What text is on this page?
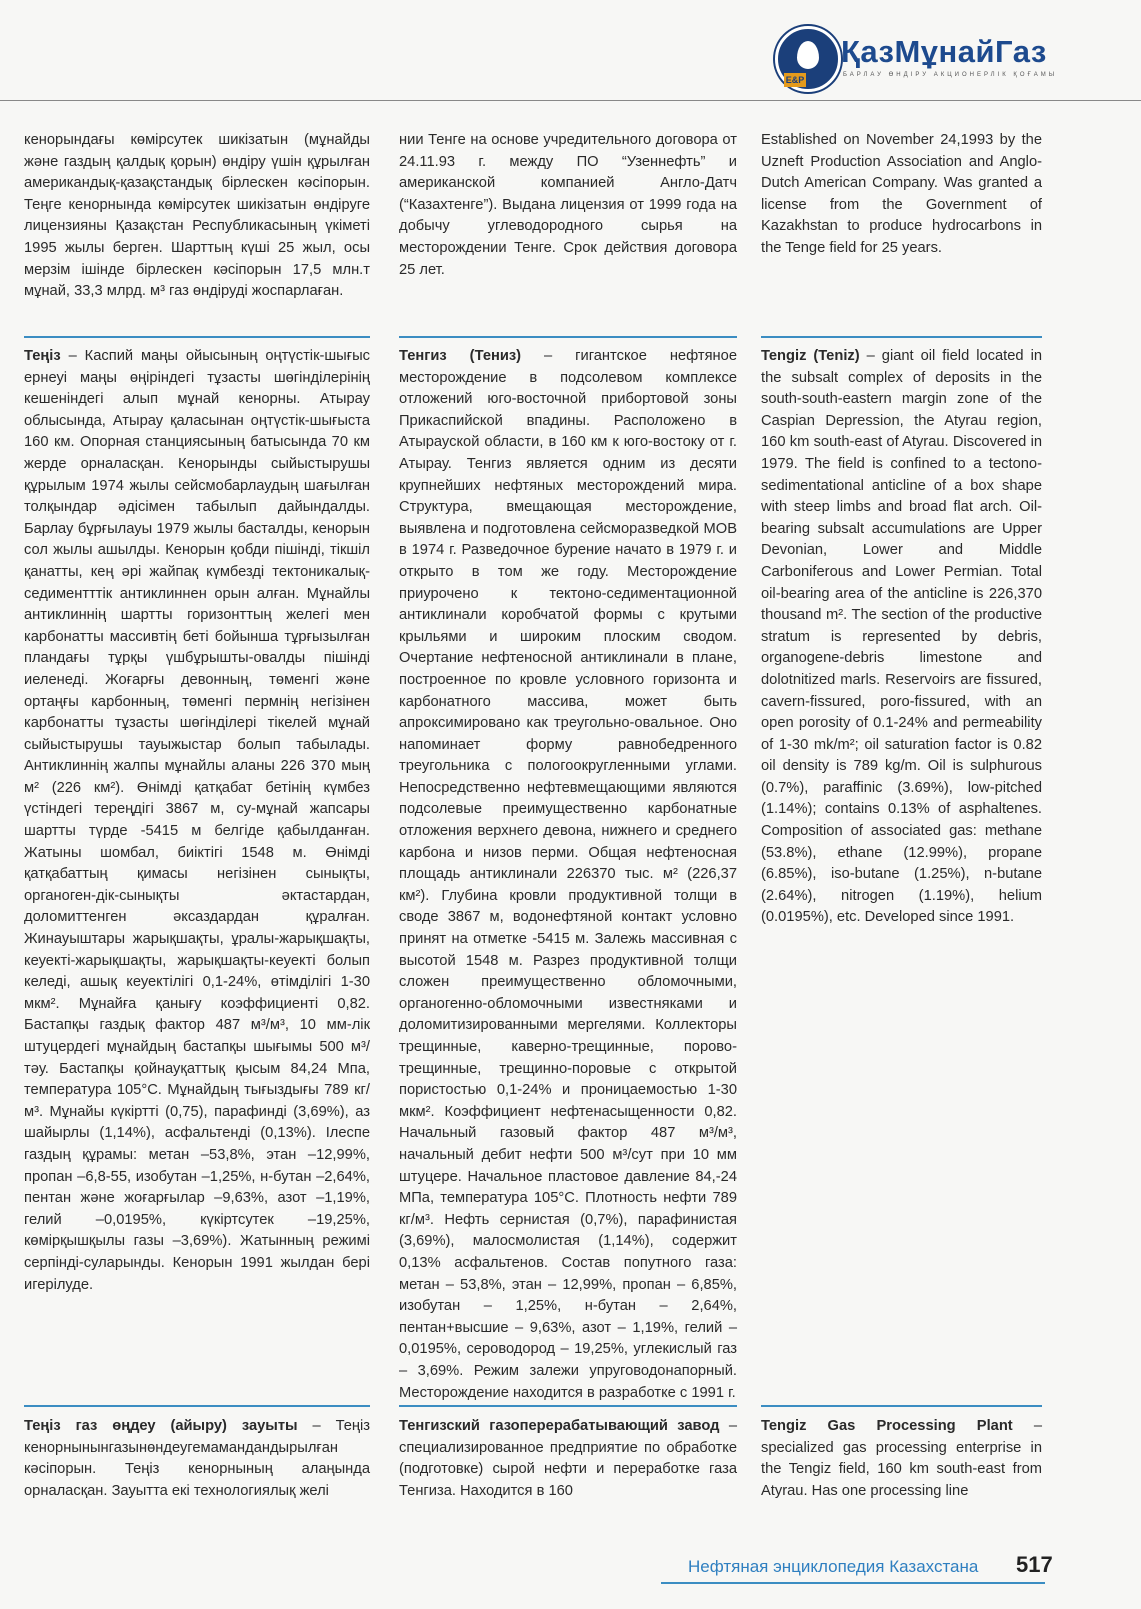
E&P
ҚазМұнайГаз
БАРЛАУ ӨНДІРУ АКЦИОНЕРЛІК ҚОҒАМЫ
кенорындағы көмірсутек шикізатын (мұнайды және газдың қалдық қорын) өндіру үшін құрылған американдық-қазақстандық бірлескен кәсіпорын. Теңге кенорнында көмірсутек шикізатын өндіруге лицензияны Қазақстан Республикасының үкіметі 1995 жылы берген. Шарттың күші 25 жыл, осы мерзім ішінде бірлескен кәсіпорын 17,5 млн.т мұнай, 33,3 млрд. м³ газ өндіруді жоспарлаған.
нии Тенге на основе учредительного договора от 24.11.93 г. между ПО “Узеннефть” и американской компанией Англо-Датч (“Казахтенге”). Выдана лицензия от 1999 года на добычу углеводородного сырья на месторождении Тенге. Срок действия договора 25 лет.
Established on November 24,1993 by the Uzneft Production Association and Anglo-Dutch American Company. Was granted a license from the Government of Kazakhstan to produce hydrocarbons in the Tenge field for 25 years.
Теңіз – Каспий маңы ойысының оңтүстік-шығыс ернеуі маңы өңіріндегі тұзасты шөгінділерінің кешеніндегі алып мұнай кенорны. Атырау облысында, Атырау қаласынан оңтүстік-шығыста 160 км. Опорная станциясының батысында 70 км жерде орналасқан. Кенорынды сыйыстырушы құрылым 1974 жылы сейсмобарлаудың шағылған толқындар әдісімен табылып дайындалды. Барлау бұрғылауы 1979 жылы басталды, кенорын сол жылы ашылды. Кенорын қобди пішінді, тікшіл қанатты, кең әрі жайпақ күмбезді тектоникалық-седиментттік антиклиннен орын алған. Мұнайлы антиклиннің шартты горизонттың желегі мен карбонатты массивтің беті бойынша тұрғызылған пландағы тұрқы үшбұрышты-овалды пішінді иеленеді. Жоғарғы девонның, төменгі және ортаңғы карбонның, төменгі пермнің негізінен карбонатты тұзасты шөгінділері тікелей мұнай сыйыстырушы тауыжыстар болып табылады. Антиклиннің жалпы мұнайлы аланы 226 370 мың м² (226 км²). Өнімді қатқабат бетінің күмбез үстіндегі тереңдігі 3867 м, су-мұнай жапсары шартты түрде -5415 м белгіде қабылданған. Жатыны шомбал, биіктігі 1548 м. Өнімді қатқабаттың қимасы негізінен сынықты, органоген-дік-сынықты әктастардан, доломиттенген әксаздардан құралған. Жинауыштары жарықшақты, ұралы-жарықшақты, кеуекті-жарықшақты, жарықшақты-кеуекті болып келеді, ашық кеуектілігі 0,1-24%, өтімділігі 1-30 мкм². Мұнайға қанығу коэффициенті 0,82. Бастапқы газдық фактор 487 м³/м³, 10 мм-лік штуцердегі мұнайдың бастапқы шығымы 500 м³/тәу. Бастапқы қойнауқаттық қысым 84,24 Мпа, температура 105°С. Мұнайдың тығыздығы 789 кг/м³. Мұнайы күкіртті (0,75), парафинді (3,69%), аз шайырлы (1,14%), асфальтенді (0,13%). Ілеспе газдың құрамы: метан –53,8%, этан –12,99%, пропан –6,8-55, изобутан –1,25%, н-бутан –2,64%, пентан және жоғарғылар –9,63%, азот –1,19%, гелий –0,0195%, күкіртсутек –19,25%, көмірқышқылы газы –3,69%). Жатынның режимі серпінді-суларынды. Кенорын 1991 жылдан бері игерілуде.
Тенгиз (Тениз) – гигантское нефтяное месторождение в подсолевом комплексе отложений юго-восточной прибортовой зоны Прикаспийской впадины. Расположено в Атырауской области, в 160 км к юго-востоку от г. Атырау. Тенгиз является одним из десяти крупнейших нефтяных месторождений мира. Структура, вмещающая месторождение, выявлена и подготовлена сейсморазведкой МОВ в 1974 г. Разведочное бурение начато в 1979 г. и открыто в том же году. Месторождение приурочено к тектоно-седиментационной антиклинали коробчатой формы с крутыми крыльями и широким плоским сводом. Очертание нефтеносной антиклинали в плане, построенное по кровле условного горизонта и карбонатного массива, может быть апроксимировано как треугольно-овальное. Оно напоминает форму равнобедренного треугольника с пологоокругленными углами. Непосредственно нефтевмещающими являются подсолевые преимущественно карбонатные отложения верхнего девона, нижнего и среднего карбона и низов перми. Общая нефтеносная площадь антиклинали 226370 тыс. м² (226,37 км²). Глубина кровли продуктивной толщи в своде 3867 м, водонефтяной контакт условно принят на отметке -5415 м. Залежь массивная с высотой 1548 м. Разрез продуктивной толщи сложен преимущественно обломочными, органогенно-обломочными известняками и доломитизированными мергелями. Коллекторы трещинные, каверно-трещинные, порово-трещинные, трещинно-поровые с открытой пористостью 0,1-24% и проницаемостью 1-30 мкм². Коэффициент нефтенасыщенности 0,82. Начальный газовый фактор 487 м³/м³, начальный дебит нефти 500 м³/сут при 10 мм штуцере. Начальное пластовое давление 84,-24 МПа, температура 105°С. Плотность нефти 789 кг/м³. Нефть сернистая (0,7%), парафинистая (3,69%), малосмолистая (1,14%), содержит 0,13% асфальтенов. Состав попутного газа: метан – 53,8%, этан – 12,99%, пропан – 6,85%, изобутан – 1,25%, н-бутан – 2,64%, пентан+высшие – 9,63%, азот – 1,19%, гелий – 0,0195%, сероводород – 19,25%, углекислый газ – 3,69%. Режим залежи упруговодонапорный. Месторождение находится в разработке с 1991 г.
Tengiz (Teniz) – giant oil field located in the subsalt complex of deposits in the south-south-eastern margin zone of the Caspian Depression, the Atyrau region, 160 km south-east of Atyrau. Discovered in 1979. The field is confined to a tectono-sedimentational anticline of a box shape with steep limbs and broad flat arch. Oil-bearing subsalt accumulations are Upper Devonian, Lower and Middle Carboniferous and Lower Permian. Total oil-bearing area of the anticline is 226,370 thousand m². The section of the productive stratum is represented by debris, organogene-debris limestone and dolotnitized marls. Reservoirs are fissured, cavern-fissured, poro-fissured, with an open porosity of 0.1-24% and permeability of 1-30 mk/m²; oil saturation factor is 0.82 oil density is 789 kg/m. Oil is sulphurous (0.7%), paraffinic (3.69%), low-pitched (1.14%); contains 0.13% of asphaltenes. Composition of associated gas: methane (53.8%), ethane (12.99%), propane (6.85%), iso-butane (1.25%), n-butane (2.64%), nitrogen (1.19%), helium (0.0195%), etc. Developed since 1991.
Теңіз газ өңдеу (айыру) зауыты – Теңіз кенорнынынгазынөндеугемамандандырылған кәсіпорын. Теңіз кенорнының алаңында орналасқан. Зауытта екі технологиялық желі
Тенгизский газоперерабатывающий завод – специализированное предприятие по обработке (подготовке) сырой нефти и переработке газа Тенгиза. Находится в 160
Tengiz Gas Processing Plant – specialized gas processing enterprise in the Tengiz field, 160 km south-east from Atyrau. Has one processing line
Нефтяная энциклопедия Казахстана 517
